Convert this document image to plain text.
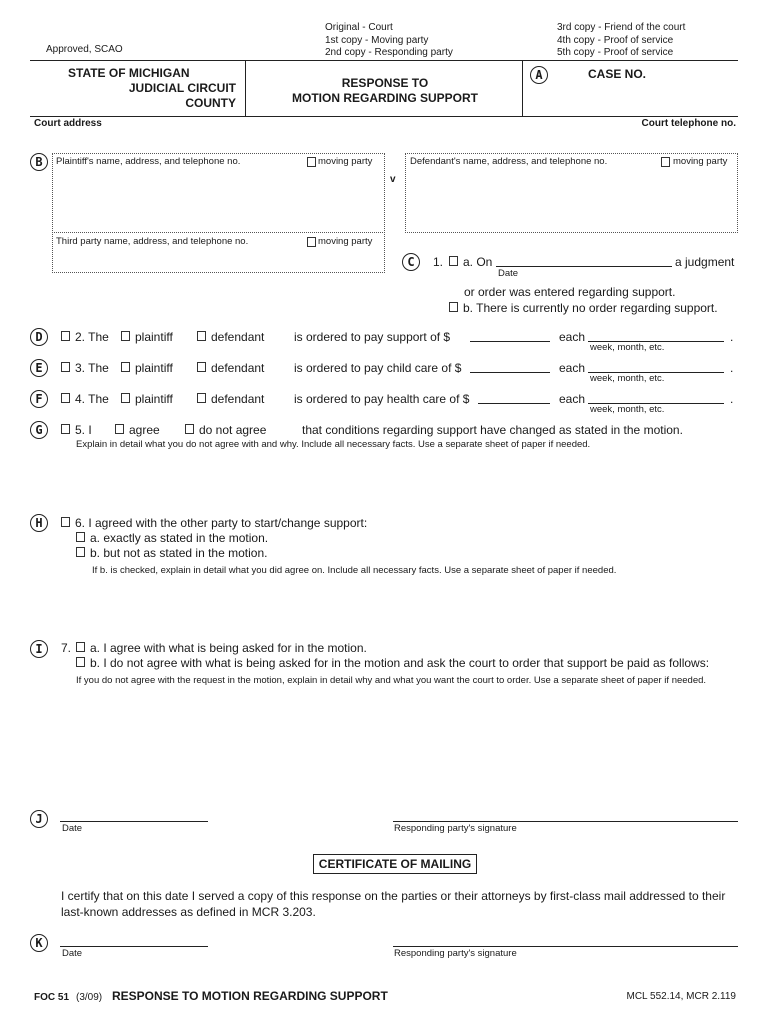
Approved, SCAO
Original - Court
1st copy - Moving party
2nd copy - Responding party
3rd copy - Friend of the court
4th copy - Proof of service
5th copy - Proof of service
STATE OF MICHIGAN
JUDICIAL CIRCUIT
COUNTY
RESPONSE TO
MOTION REGARDING SUPPORT
A	CASE NO.
Court address	Court telephone no.
B	Plaintiff's name, address, and telephone no.	moving party
Third party name, address, and telephone no.	moving party
v
Defendant's name, address, and telephone no.	moving party
C	1. a. On	a judgment
Date
or order was entered regarding support.
b. There is currently no order regarding support.
D	2. The plaintiff	defendant is ordered to pay support of $	each	.
week, month, etc.
E	3. The plaintiff	defendant is ordered to pay child care of $	each	.
week, month, etc.
F	4. The plaintiff	defendant is ordered to pay health care of $	each	.
week, month, etc.
G	5. I	agree	do not agree	that conditions regarding support have changed as stated in the motion.
Explain in detail what you do not agree with and why. Include all necessary facts. Use a separate sheet of paper if needed.
H	6. I agreed with the other party to start/change support:
a. exactly as stated in the motion.
b. but not as stated in the motion.
If b. is checked, explain in detail what you did agree on. Include all necessary facts. Use a separate sheet of paper if needed.
I	7. a. I agree with what is being asked for in the motion.
b. I do not agree with what is being asked for in the motion and ask the court to order that support be paid as follows:
If you do not agree with the request in the motion, explain in detail why and what you want the court to order. Use a separate sheet of paper if needed.
J
Date	Responding party's signature
CERTIFICATE OF MAILING
I certify that on this date I served a copy of this response on the parties or their attorneys by first-class mail addressed to their
last-known addresses as defined in MCR 3.203.
K
Date	Responding party's signature
FOC 51 (3/09) RESPONSE TO MOTION REGARDING SUPPORT	MCL 552.14, MCR 2.119
